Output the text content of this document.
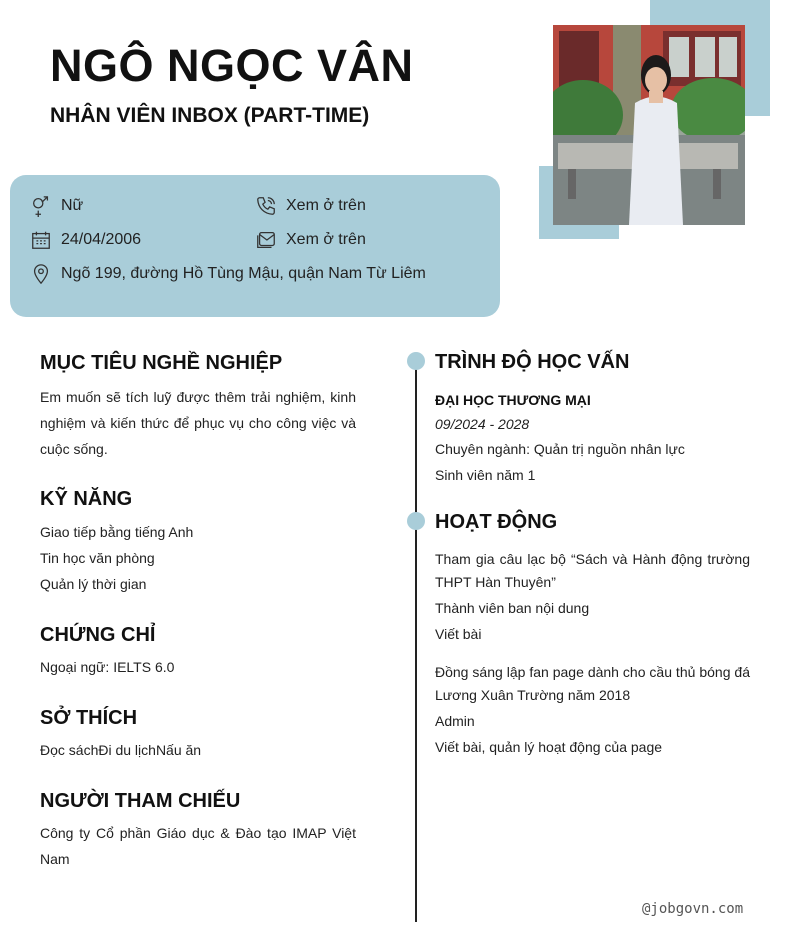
NGÔ NGỌC VÂN
NHÂN VIÊN INBOX (PART-TIME)
Nữ
24/04/2006
Ngõ 199, đường Hồ Tùng Mậu, quận Nam Từ Liêm
Xem ở trên
Xem ở trên
MỤC TIÊU NGHỀ NGHIỆP
Em muốn sẽ tích luỹ được thêm trải nghiệm, kinh nghiệm và kiến thức để phục vụ cho công việc và cuộc sống.
KỸ NĂNG
Giao tiếp bằng tiếng Anh
Tin học văn phòng
Quản lý thời gian
CHỨNG CHỈ
Ngoại ngữ: IELTS 6.0
SỞ THÍCH
Đọc sáchĐi du lịchNấu ăn
NGƯỜI THAM CHIẾU
Công ty Cổ phần Giáo dục & Đào tạo IMAP Việt Nam
TRÌNH ĐỘ HỌC VẤN
ĐẠI HỌC THƯƠNG MẠI
09/2024 - 2028
Chuyên ngành: Quản trị nguồn nhân lực
Sinh viên năm 1
HOẠT ĐỘNG
Tham gia câu lạc bộ “Sách và Hành động trường THPT Hàn Thuyên”
Thành viên ban nội dung
Viết bài
Đồng sáng lập fan page dành cho cầu thủ bóng đá Lương Xuân Trường năm 2018
Admin
Viết bài, quản lý hoạt động của page
@jobgovn.com
